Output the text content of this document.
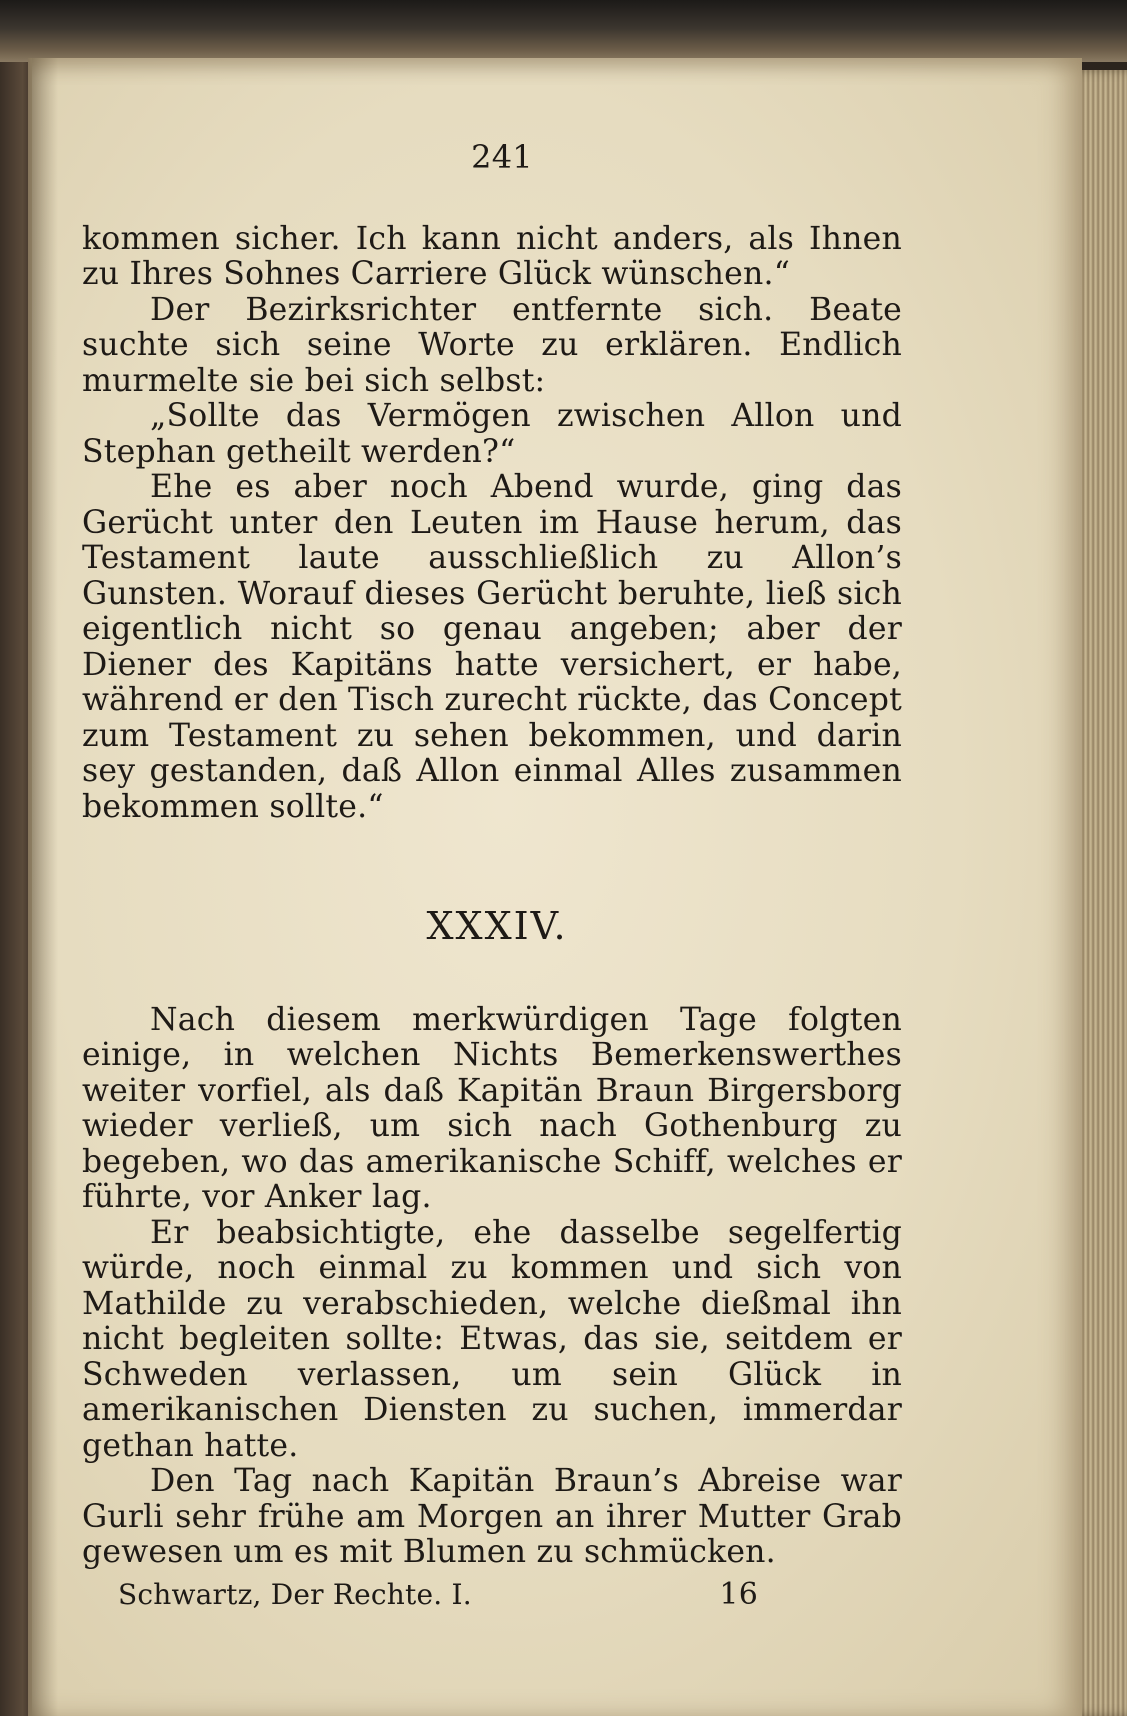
241

kommen sicher. Ich kann nicht anders, als Ihnen zu Ihres Sohnes Carriere Glück wünschen.“

Der Bezirksrichter entfernte sich. Beate suchte sich seine Worte zu erklären. Endlich murmelte sie bei sich selbst:

„Sollte das Vermögen zwischen Allon und Stephan getheilt werden?“

Ehe es aber noch Abend wurde, ging das Gerücht unter den Leuten im Hause herum, das Testament laute ausschließlich zu Allon’s Gunsten. Worauf dieses Gerücht beruhte, ließ sich eigentlich nicht so genau angeben; aber der Diener des Kapitäns hatte versichert, er habe, während er den Tisch zurecht rückte, das Concept zum Testament zu sehen bekommen, und darin sey gestanden, daß Allon einmal Alles zusammen bekommen sollte.“

XXXIV.

Nach diesem merkwürdigen Tage folgten einige, in welchen Nichts Bemerkenswerthes weiter vorfiel, als daß Kapitän Braun Birgersborg wieder verließ, um sich nach Gothenburg zu begeben, wo das amerikanische Schiff, welches er führte, vor Anker lag.

Er beabsichtigte, ehe dasselbe segelfertig würde, noch einmal zu kommen und sich von Mathilde zu verabschieden, welche dießmal ihn nicht begleiten sollte: Etwas, das sie, seitdem er Schweden verlassen, um sein Glück in amerikanischen Diensten zu suchen, immerdar gethan hatte.

Den Tag nach Kapitän Braun’s Abreise war Gurli sehr frühe am Morgen an ihrer Mutter Grab gewesen um es mit Blumen zu schmücken.

Schwartz, Der Rechte. I.	16
